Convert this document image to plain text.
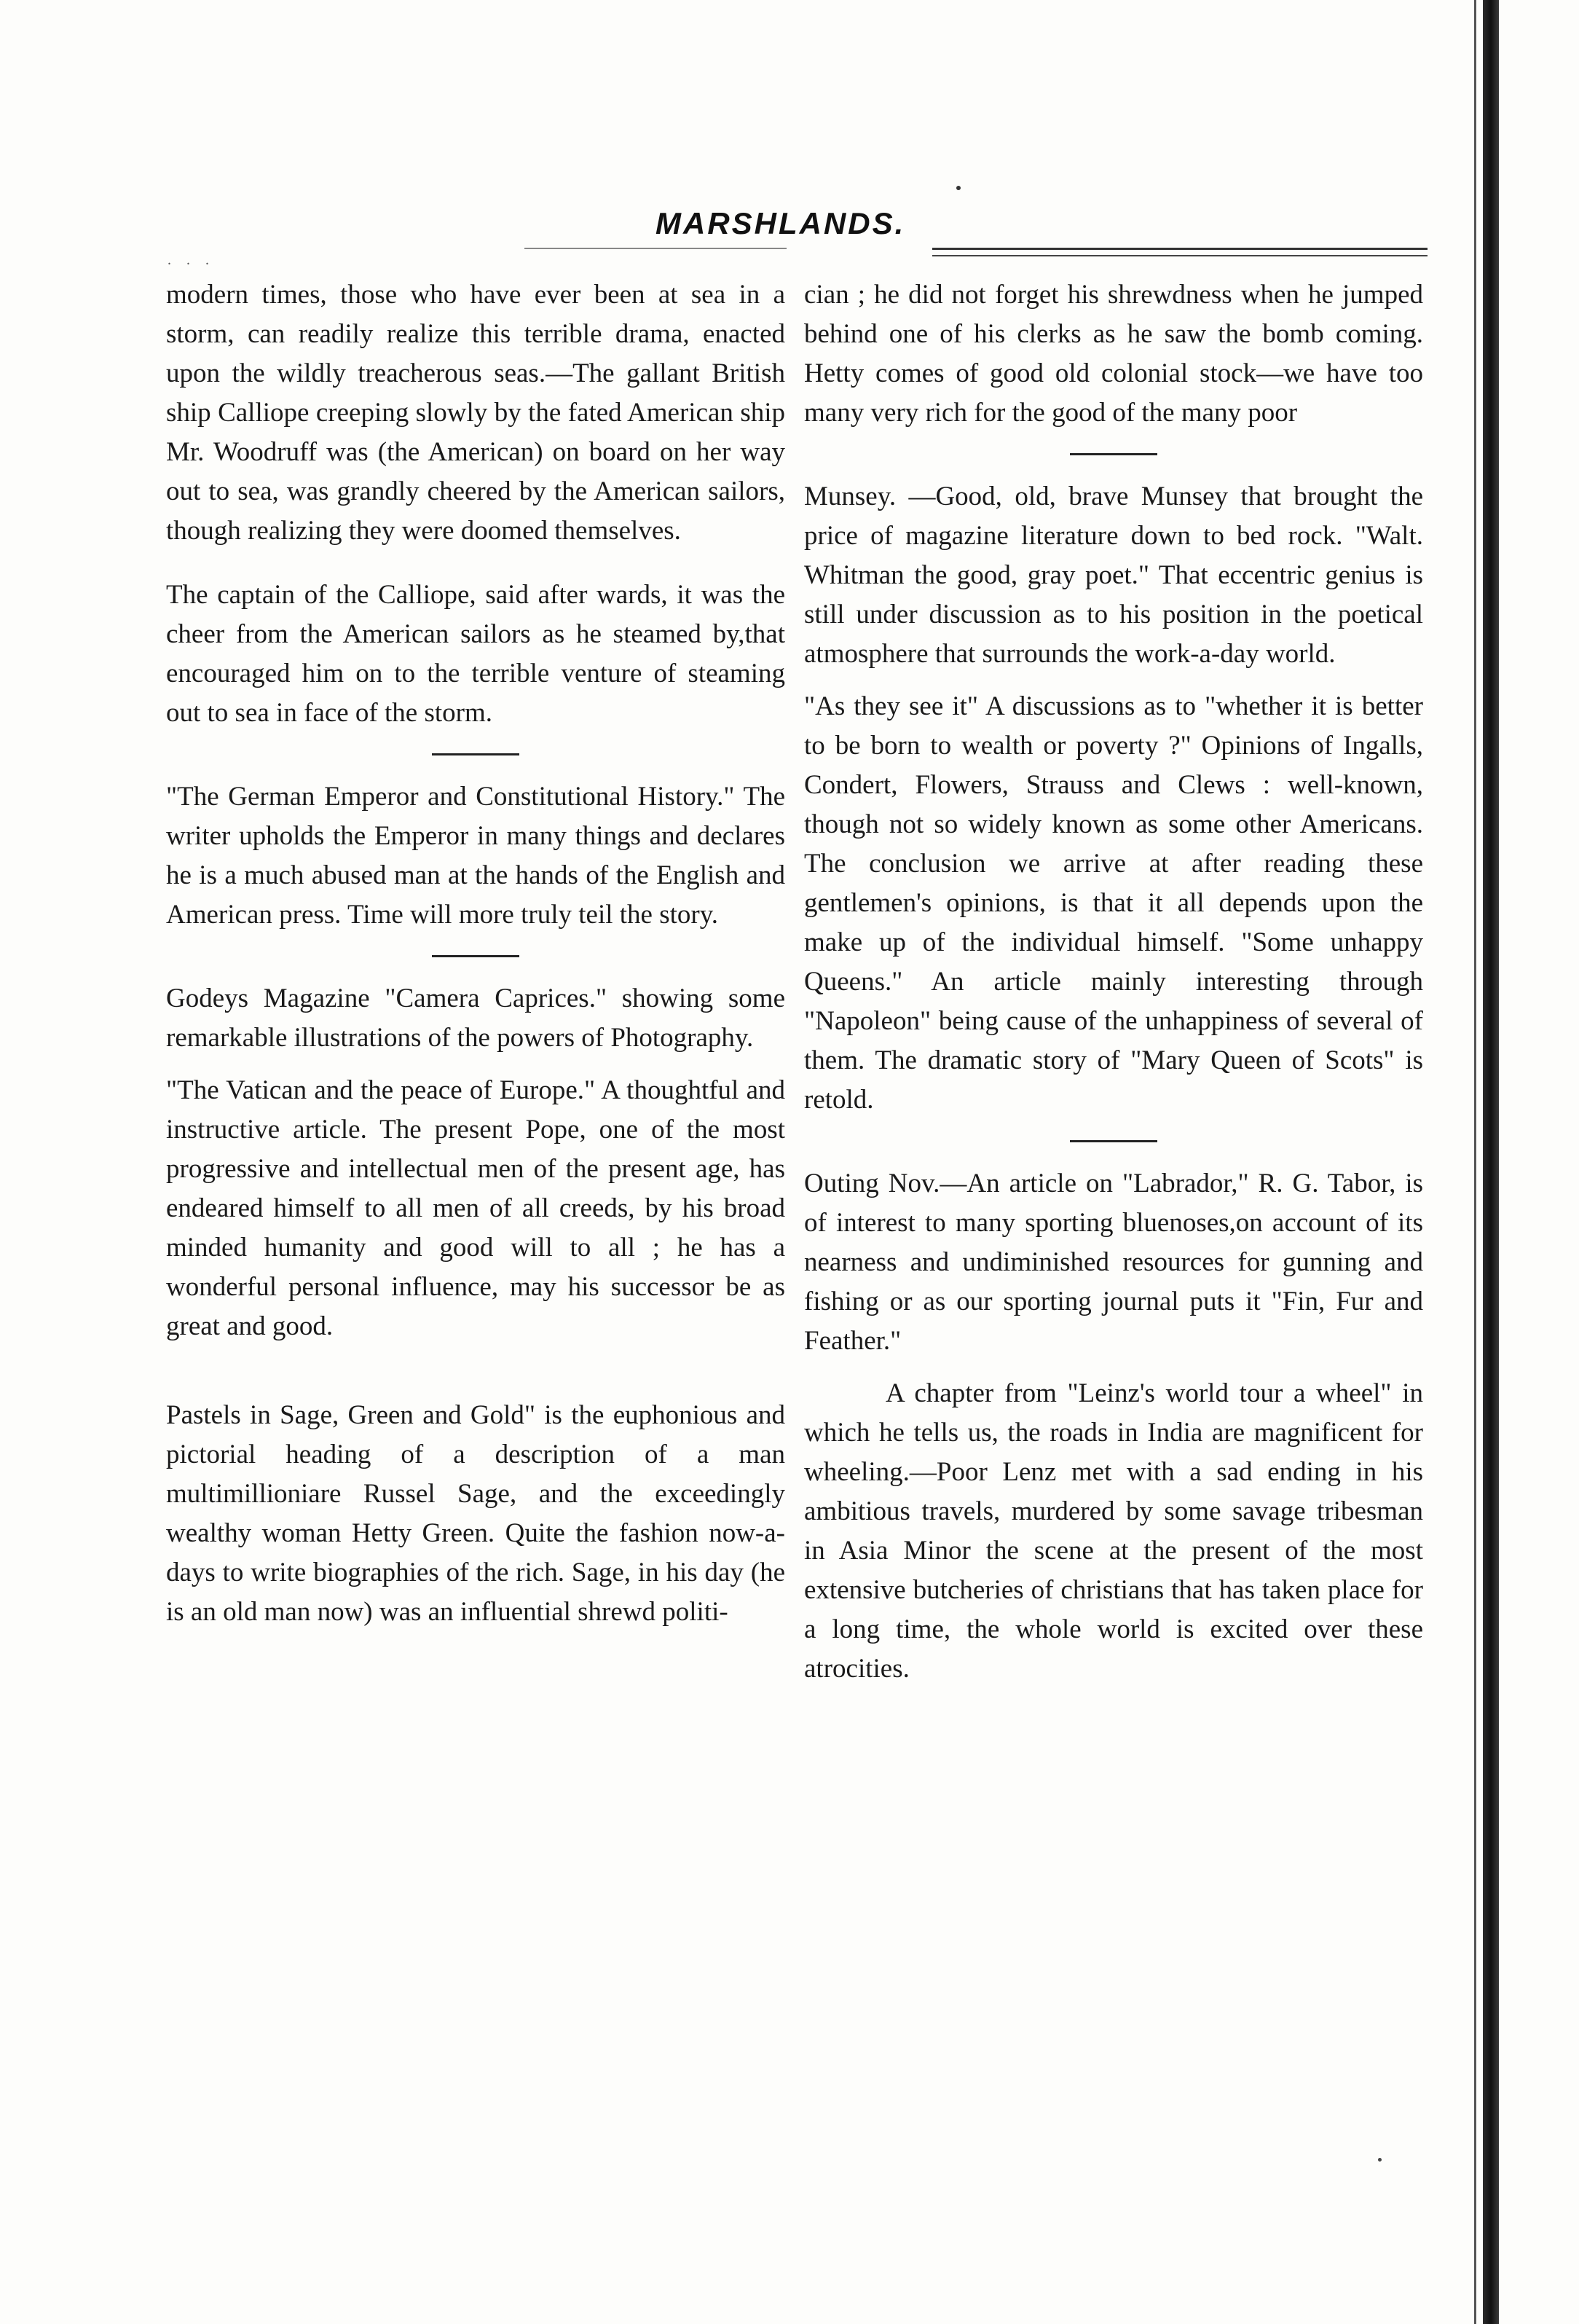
MARSHLANDS.
. . .

modern times, those who have ever been at sea in a storm, can readily realize this terrible drama, enacted upon the wildly treacherous seas.—The gallant British ship Calliope creeping slowly by the fated American ship Mr. Woodruff was (the American) on board on her way out to sea, was grandly cheered by the American sailors, though realizing they were doomed themselves.

The captain of the Calliope, said after wards, it was the cheer from the American sailors as he steamed by,that encouraged him on to the terrible venture of steaming out to sea in face of the storm.

"The German Emperor and Constitutional History." The writer upholds the Emperor in many things and declares he is a much abused man at the hands of the English and American press. Time will more truly teil the story.

Godeys Magazine "Camera Caprices." showing some remarkable illustrations of the powers of Photography.

"The Vatican and the peace of Europe." A thoughtful and instructive article. The present Pope, one of the most progressive and intellectual men of the present age, has endeared himself to all men of all creeds, by his broad minded humanity and good will to all ; he has a wonderful personal influence, may his successor be as great and good.

Pastels in Sage, Green and Gold" is the euphonious and pictorial heading of a description of a man multimillioniare Russel Sage, and the exceedingly wealthy woman Hetty Green. Quite the fashion now-a-days to write biographies of the rich. Sage, in his day (he is an old man now) was an influential shrewd politi-

cian ; he did not forget his shrewdness when he jumped behind one of his clerks as he saw the bomb coming. Hetty comes of good old colonial stock—we have too many very rich for the good of the many poor

Munsey. —Good, old, brave Munsey that brought the price of magazine literature down to bed rock. "Walt. Whitman the good, gray poet." That eccentric genius is still under discussion as to his position in the poetical atmosphere that surrounds the work-a-day world.

"As they see it" A discussions as to "whether it is better to be born to wealth or poverty ?" Opinions of Ingalls, Condert, Flowers, Strauss and Clews : well-known, though not so widely known as some other Americans. The conclusion we arrive at after reading these gentlemen's opinions, is that it all depends upon the make up of the individual himself. "Some unhappy Queens." An article mainly interesting through "Napoleon" being cause of the unhappiness of several of them. The dramatic story of "Mary Queen of Scots" is retold.

Outing Nov.—An article on "Labrador," R. G. Tabor, is of interest to many sporting bluenoses,on account of its nearness and undiminished resources for gunning and fishing or as our sporting journal puts it "Fin, Fur and Feather."

A chapter from "Leinz's world tour a wheel" in which he tells us, the roads in India are magnificent for wheeling.—Poor Lenz met with a sad ending in his ambitious travels, murdered by some savage tribesman in Asia Minor the scene at the present of the most extensive butcheries of christians that has taken place for a long time, the whole world is excited over these atrocities.
